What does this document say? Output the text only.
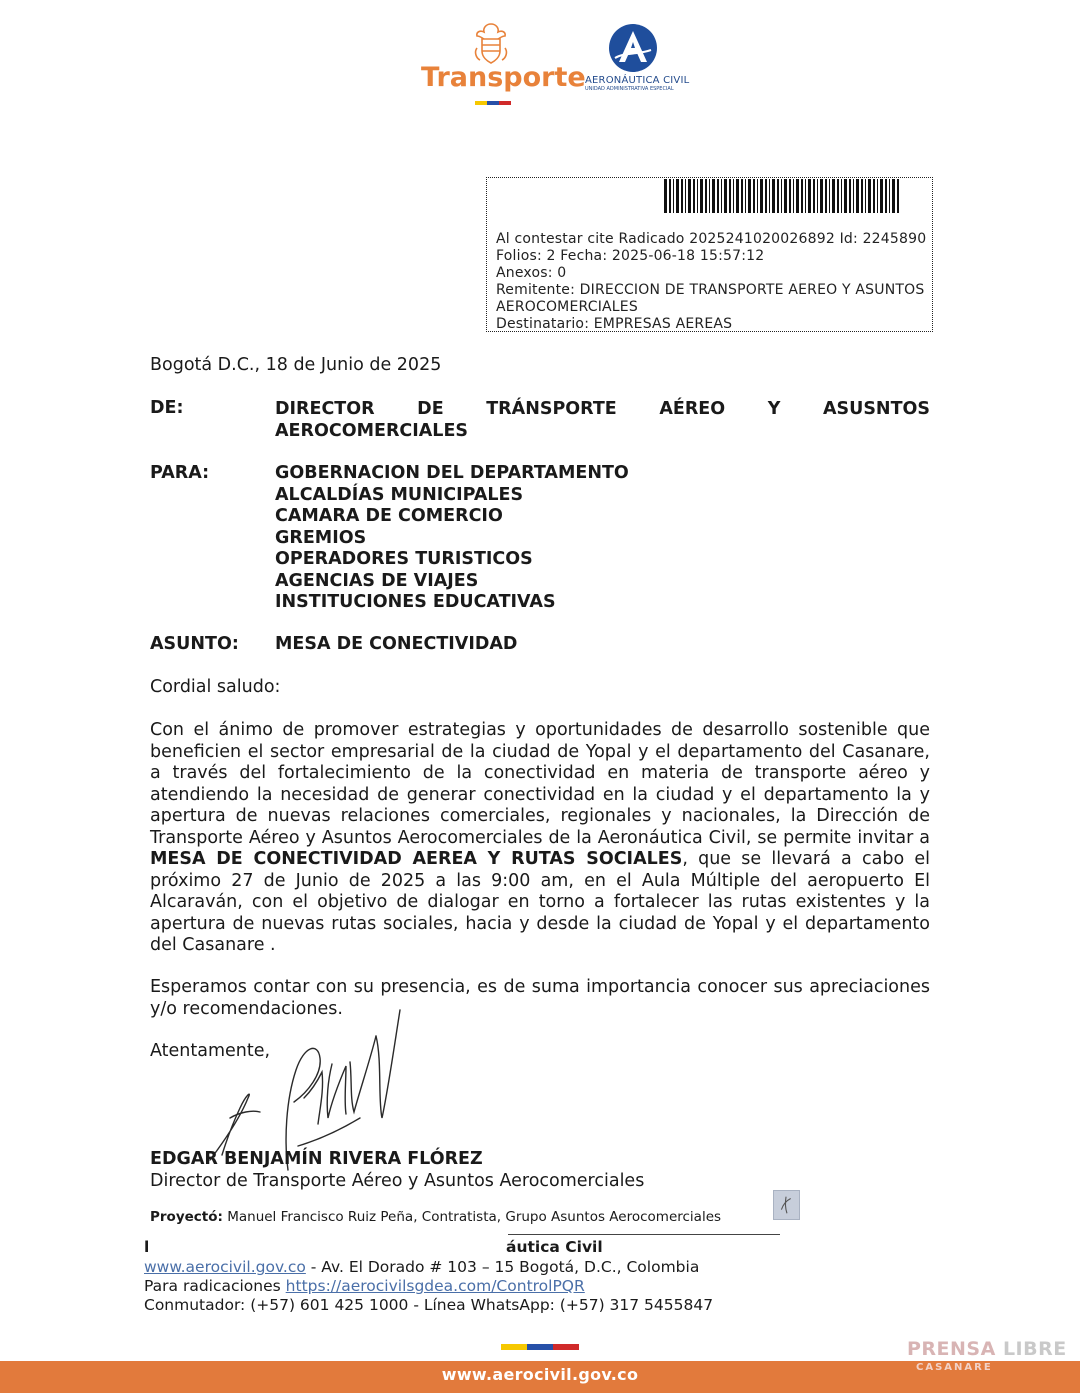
Transporte AERONÁUTICA CIVIL
UNIDAD ADMINISTRATIVA ESPECIAL
Al contestar cite Radicado 2025241020026892 Id: 2245890
Folios: 2 Fecha: 2025-06-18 15:57:12
Anexos: 0
Remitente: DIRECCION DE TRANSPORTE AEREO Y ASUNTOS
AEROCOMERCIALES
Destinatario: EMPRESAS AEREAS
Bogotá D.C., 18 de Junio de 2025
DE:	DIRECTOR DE TRÁNSPORTE AÉREO Y ASUSNTOS
AEROCOMERCIALES
PARA:	GOBERNACION DEL DEPARTAMENTO
ALCALDÍAS MUNICIPALES
CAMARA DE COMERCIO
GREMIOS
OPERADORES TURISTICOS
AGENCIAS DE VIAJES
INSTITUCIONES EDUCATIVAS
ASUNTO: MESA DE CONECTIVIDAD
Cordial saludo:
Con el ánimo de promover estrategias y oportunidades de desarrollo sostenible que beneficien el sector empresarial de la ciudad de Yopal y el departamento del Casanare, a través del fortalecimiento de la conectividad en materia de transporte aéreo y atendiendo la necesidad de generar conectividad en la ciudad y el departamento la y apertura de nuevas relaciones comerciales, regionales y nacionales, la Dirección de Transporte Aéreo y Asuntos Aerocomerciales de la Aeronáutica Civil, se permite invitar a MESA DE CONECTIVIDAD AEREA Y RUTAS SOCIALES, que se llevará a cabo el próximo 27 de Junio de 2025 a las 9:00 am, en el Aula Múltiple del aeropuerto El Alcaraván, con el objetivo de dialogar en torno a fortalecer las rutas existentes y la apertura de nuevas rutas sociales, hacia y desde la ciudad de Yopal y el departamento del Casanare .
Esperamos contar con su presencia, es de suma importancia conocer sus apreciaciones y/o recomendaciones.
Atentamente,
EDGAR BENJAMÍN RIVERA FLÓREZ
Director de Transporte Aéreo y Asuntos Aerocomerciales
Proyectó: Manuel Francisco Ruiz Peña, Contratista, Grupo Asuntos Aerocomerciales
l	áutica Civil
www.aerocivil.gov.co - Av. El Dorado # 103 – 15 Bogotá, D.C., Colombia
Para radicaciones https://aerocivilsgdea.com/ControlPQR
Conmutador: (+57) 601 425 1000 - Línea WhatsApp: (+57) 317 5455847
www.aerocivil.gov.co
PRENSA LIBRE
CASANARE
